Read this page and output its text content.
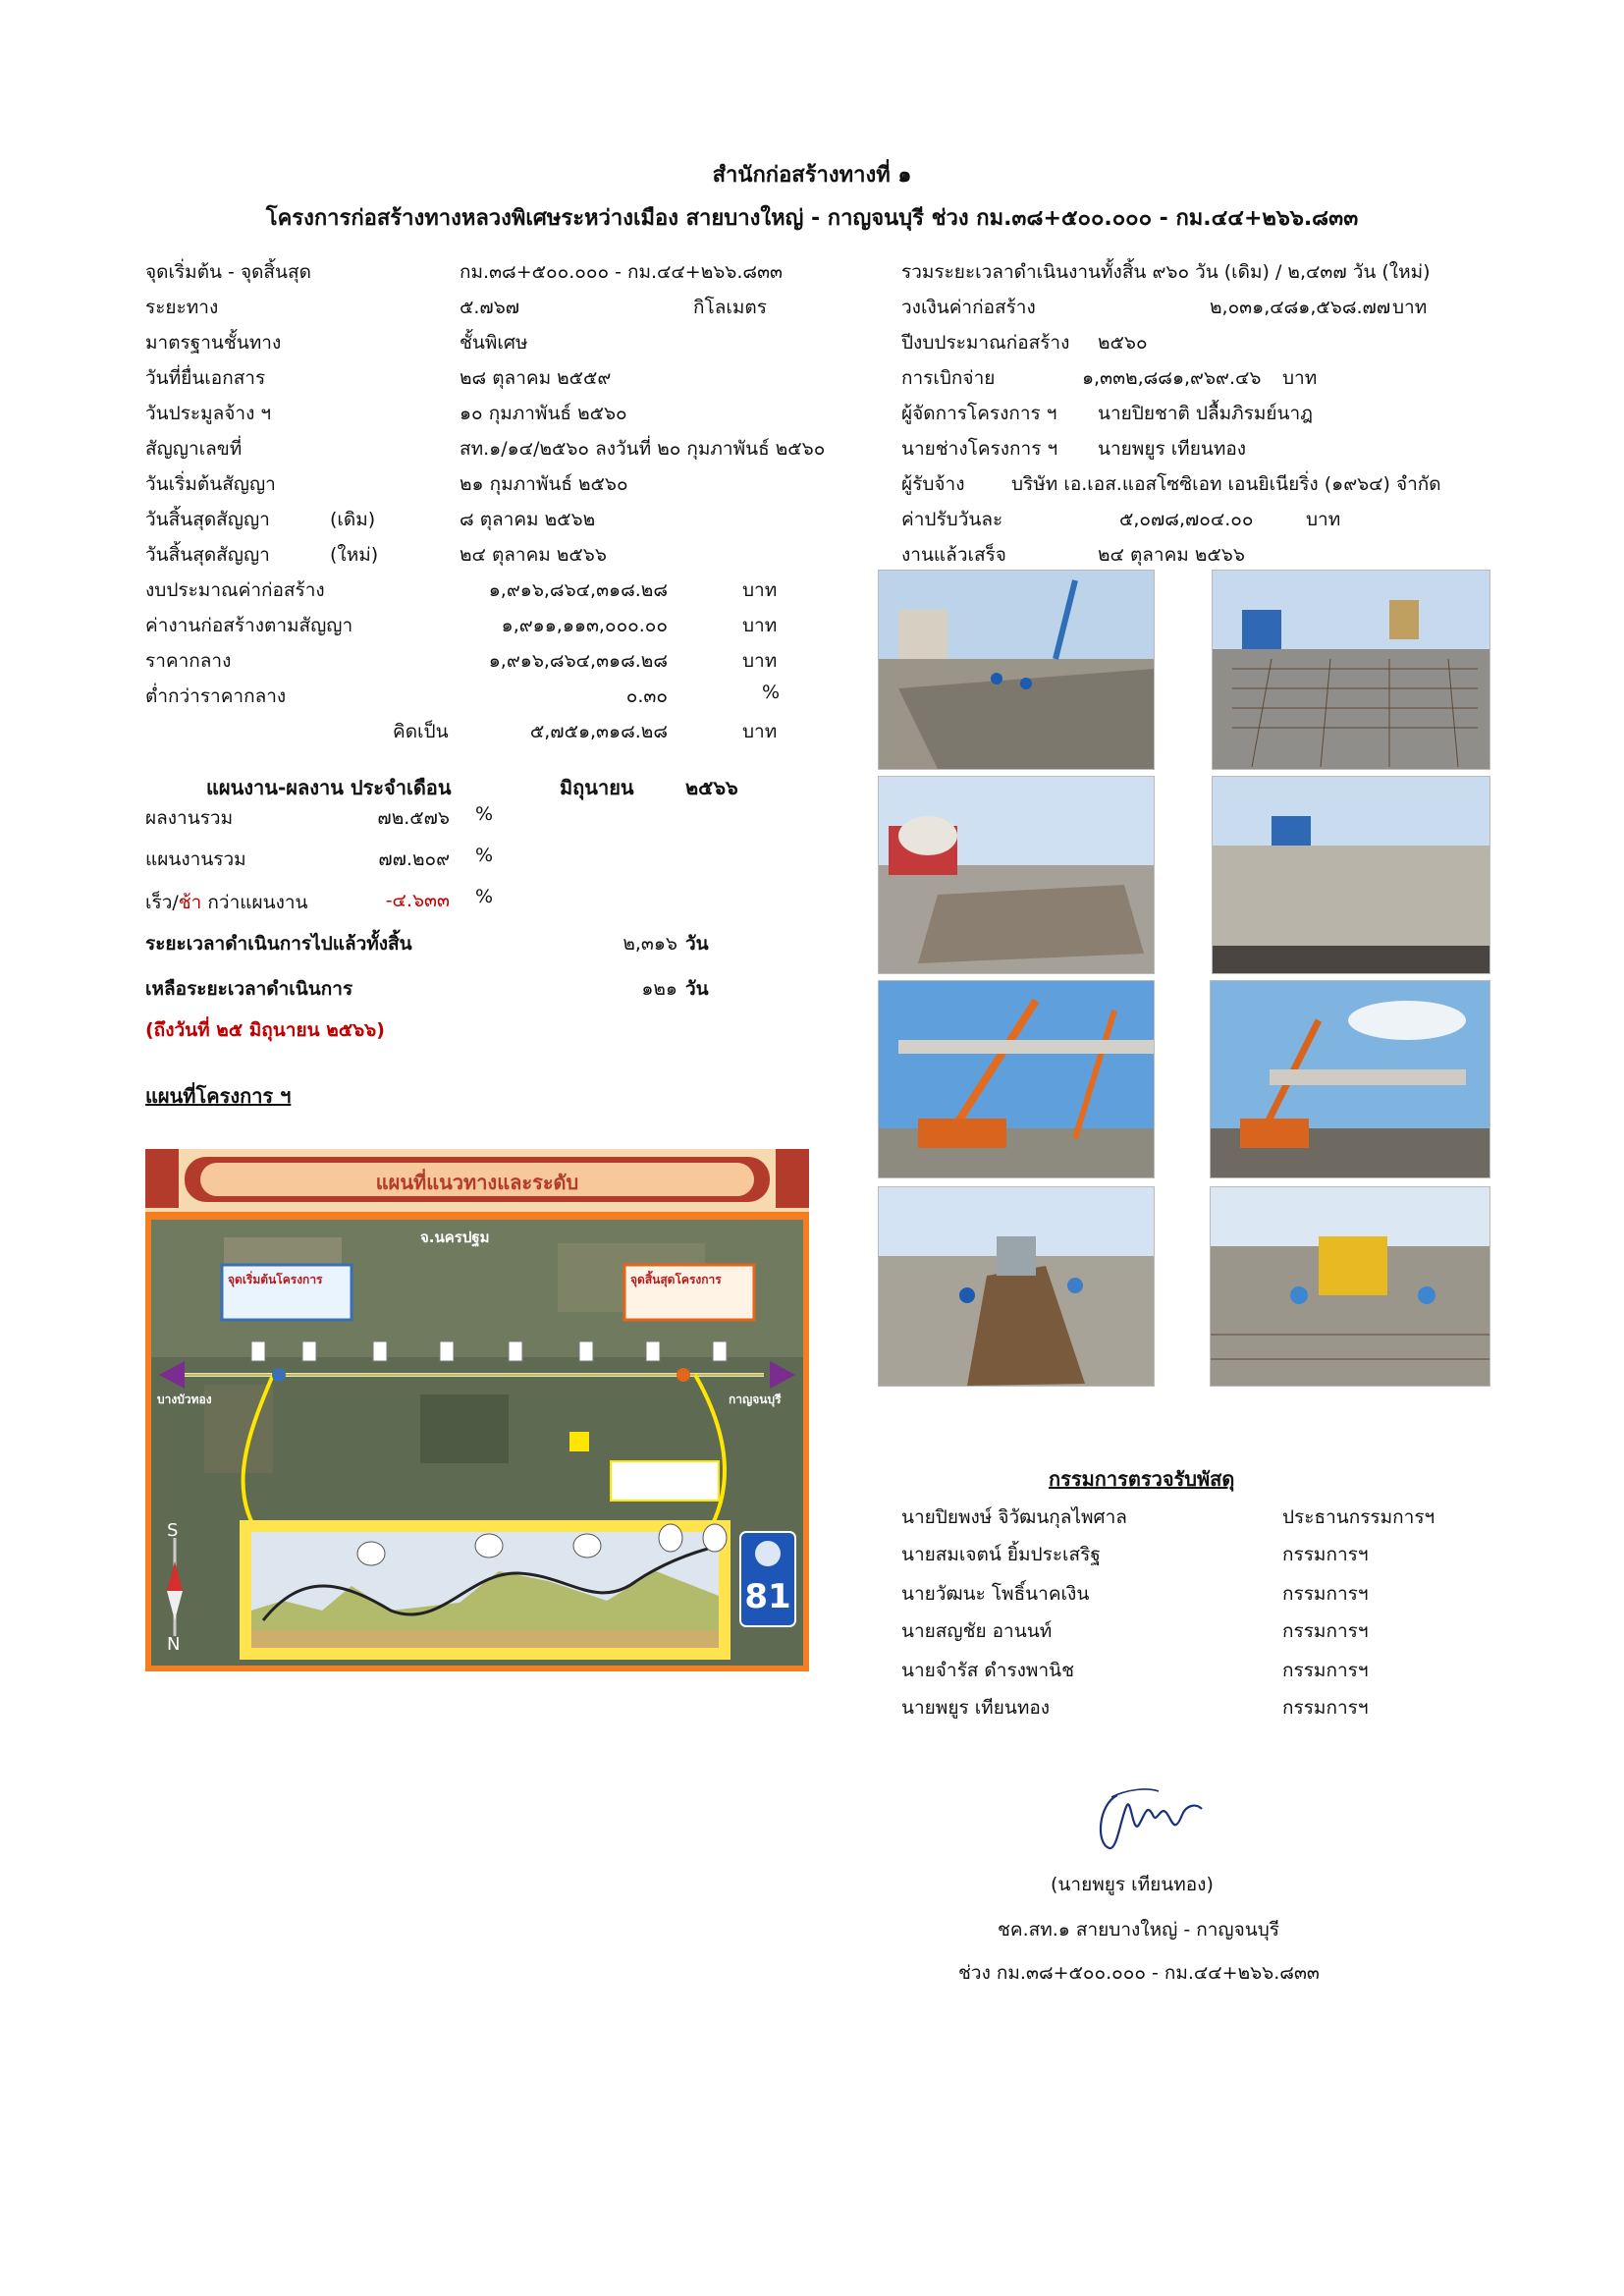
สำนักก่อสร้างทางที่ ๑
โครงการก่อสร้างทางหลวงพิเศษระหว่างเมือง สายบางใหญ่ - กาญจนบุรี ช่วง กม.๓๘+๕๐๐.๐๐๐ - กม.๔๔+๒๖๖.๘๓๓
จุดเริ่มต้น - จุดสิ้นสุด	กม.๓๘+๕๐๐.๐๐๐ - กม.๔๔+๒๖๖.๘๓๓
ระยะทาง	๕.๗๖๗	กิโลเมตร
มาตรฐานชั้นทาง	ชั้นพิเศษ
วันที่ยื่นเอกสาร	๒๘ ตุลาคม ๒๕๕๙
วันประมูลจ้าง ฯ	๑๐ กุมภาพันธ์ ๒๕๖๐
สัญญาเลขที่	สท.๑/๑๔/๒๕๖๐ ลงวันที่ ๒๐ กุมภาพันธ์ ๒๕๖๐
วันเริ่มต้นสัญญา	๒๑ กุมภาพันธ์ ๒๕๖๐
วันสิ้นสุดสัญญา	(เดิม)	๘ ตุลาคม ๒๕๖๒
วันสิ้นสุดสัญญา	(ใหม่)	๒๔ ตุลาคม ๒๕๖๖
งบประมาณค่าก่อสร้าง	๑,๙๑๖,๘๖๔,๓๑๘.๒๘	บาท
ค่างานก่อสร้างตามสัญญา	๑,๙๑๑,๑๑๓,๐๐๐.๐๐	บาท
ราคากลาง	๑,๙๑๖,๘๖๔,๓๑๘.๒๘	บาท
ต่ำกว่าราคากลาง	๐.๓๐	%
คิดเป็น	๕,๗๕๑,๓๑๘.๒๘	บาท
รวมระยะเวลาดำเนินงานทั้งสิ้น ๙๖๐ วัน (เดิม) / ๒,๔๓๗ วัน (ใหม่)
วงเงินค่าก่อสร้าง	๒,๐๓๑,๔๘๑,๕๖๘.๗๗ บาท
ปีงบประมาณก่อสร้าง ๒๕๖๐
การเบิกจ่าย	๑,๓๓๒,๘๘๑,๙๖๙.๔๖ บาท
ผู้จัดการโครงการ ฯ นายปิยชาติ ปลื้มภิรมย์นาฎ
นายช่างโครงการ ฯ นายพยูร เทียนทอง
ผู้รับจ้าง	บริษัท เอ.เอส.แอสโซซิเอท เอนยิเนียริ่ง (๑๙๖๔) จำกัด
ค่าปรับวันละ	๕,๐๗๘,๗๐๔.๐๐	บาท
งานแล้วเสร็จ	๒๔ ตุลาคม ๒๕๖๖
แผนงาน-ผลงาน ประจำเดือน	มิถุนายน	๒๕๖๖
ผลงานรวม	๗๒.๕๗๖ %
แผนงานรวม	๗๗.๒๐๙ %
เร็ว/ช้า กว่าแผนงาน	-๔.๖๓๓ %
ระยะเวลาดำเนินการไปแล้วทั้งสิ้น	๒,๓๑๖ วัน
เหลือระยะเวลาดำเนินการ	๑๒๑ วัน
(ถึงวันที่ ๒๕ มิถุนายน ๒๕๖๖)
แผนที่โครงการ ฯ
แผนที่แนวทางและระดับ
จ.นครปฐม
จุดเริ่มต้นโครงการ	จุดสิ้นสุดโครงการ
บางบัวทอง	กาญจนบุรี
81
S
N
กรรมการตรวจรับพัสดุ
นายปิยพงษ์ จิวัฒนกุลไพศาล	ประธานกรรมการฯ
นายสมเจตน์ ยิ้มประเสริฐ	กรรมการฯ
นายวัฒนะ โพธิ์นาคเงิน	กรรมการฯ
นายสญชัย อานนท์	กรรมการฯ
นายจำรัส ดำรงพานิช	กรรมการฯ
นายพยูร เทียนทอง	กรรมการฯ
(นายพยูร เทียนทอง)
ชค.สท.๑ สายบางใหญ่ - กาญจนบุรี
ช่วง กม.๓๘+๕๐๐.๐๐๐ - กม.๔๔+๒๖๖.๘๓๓
